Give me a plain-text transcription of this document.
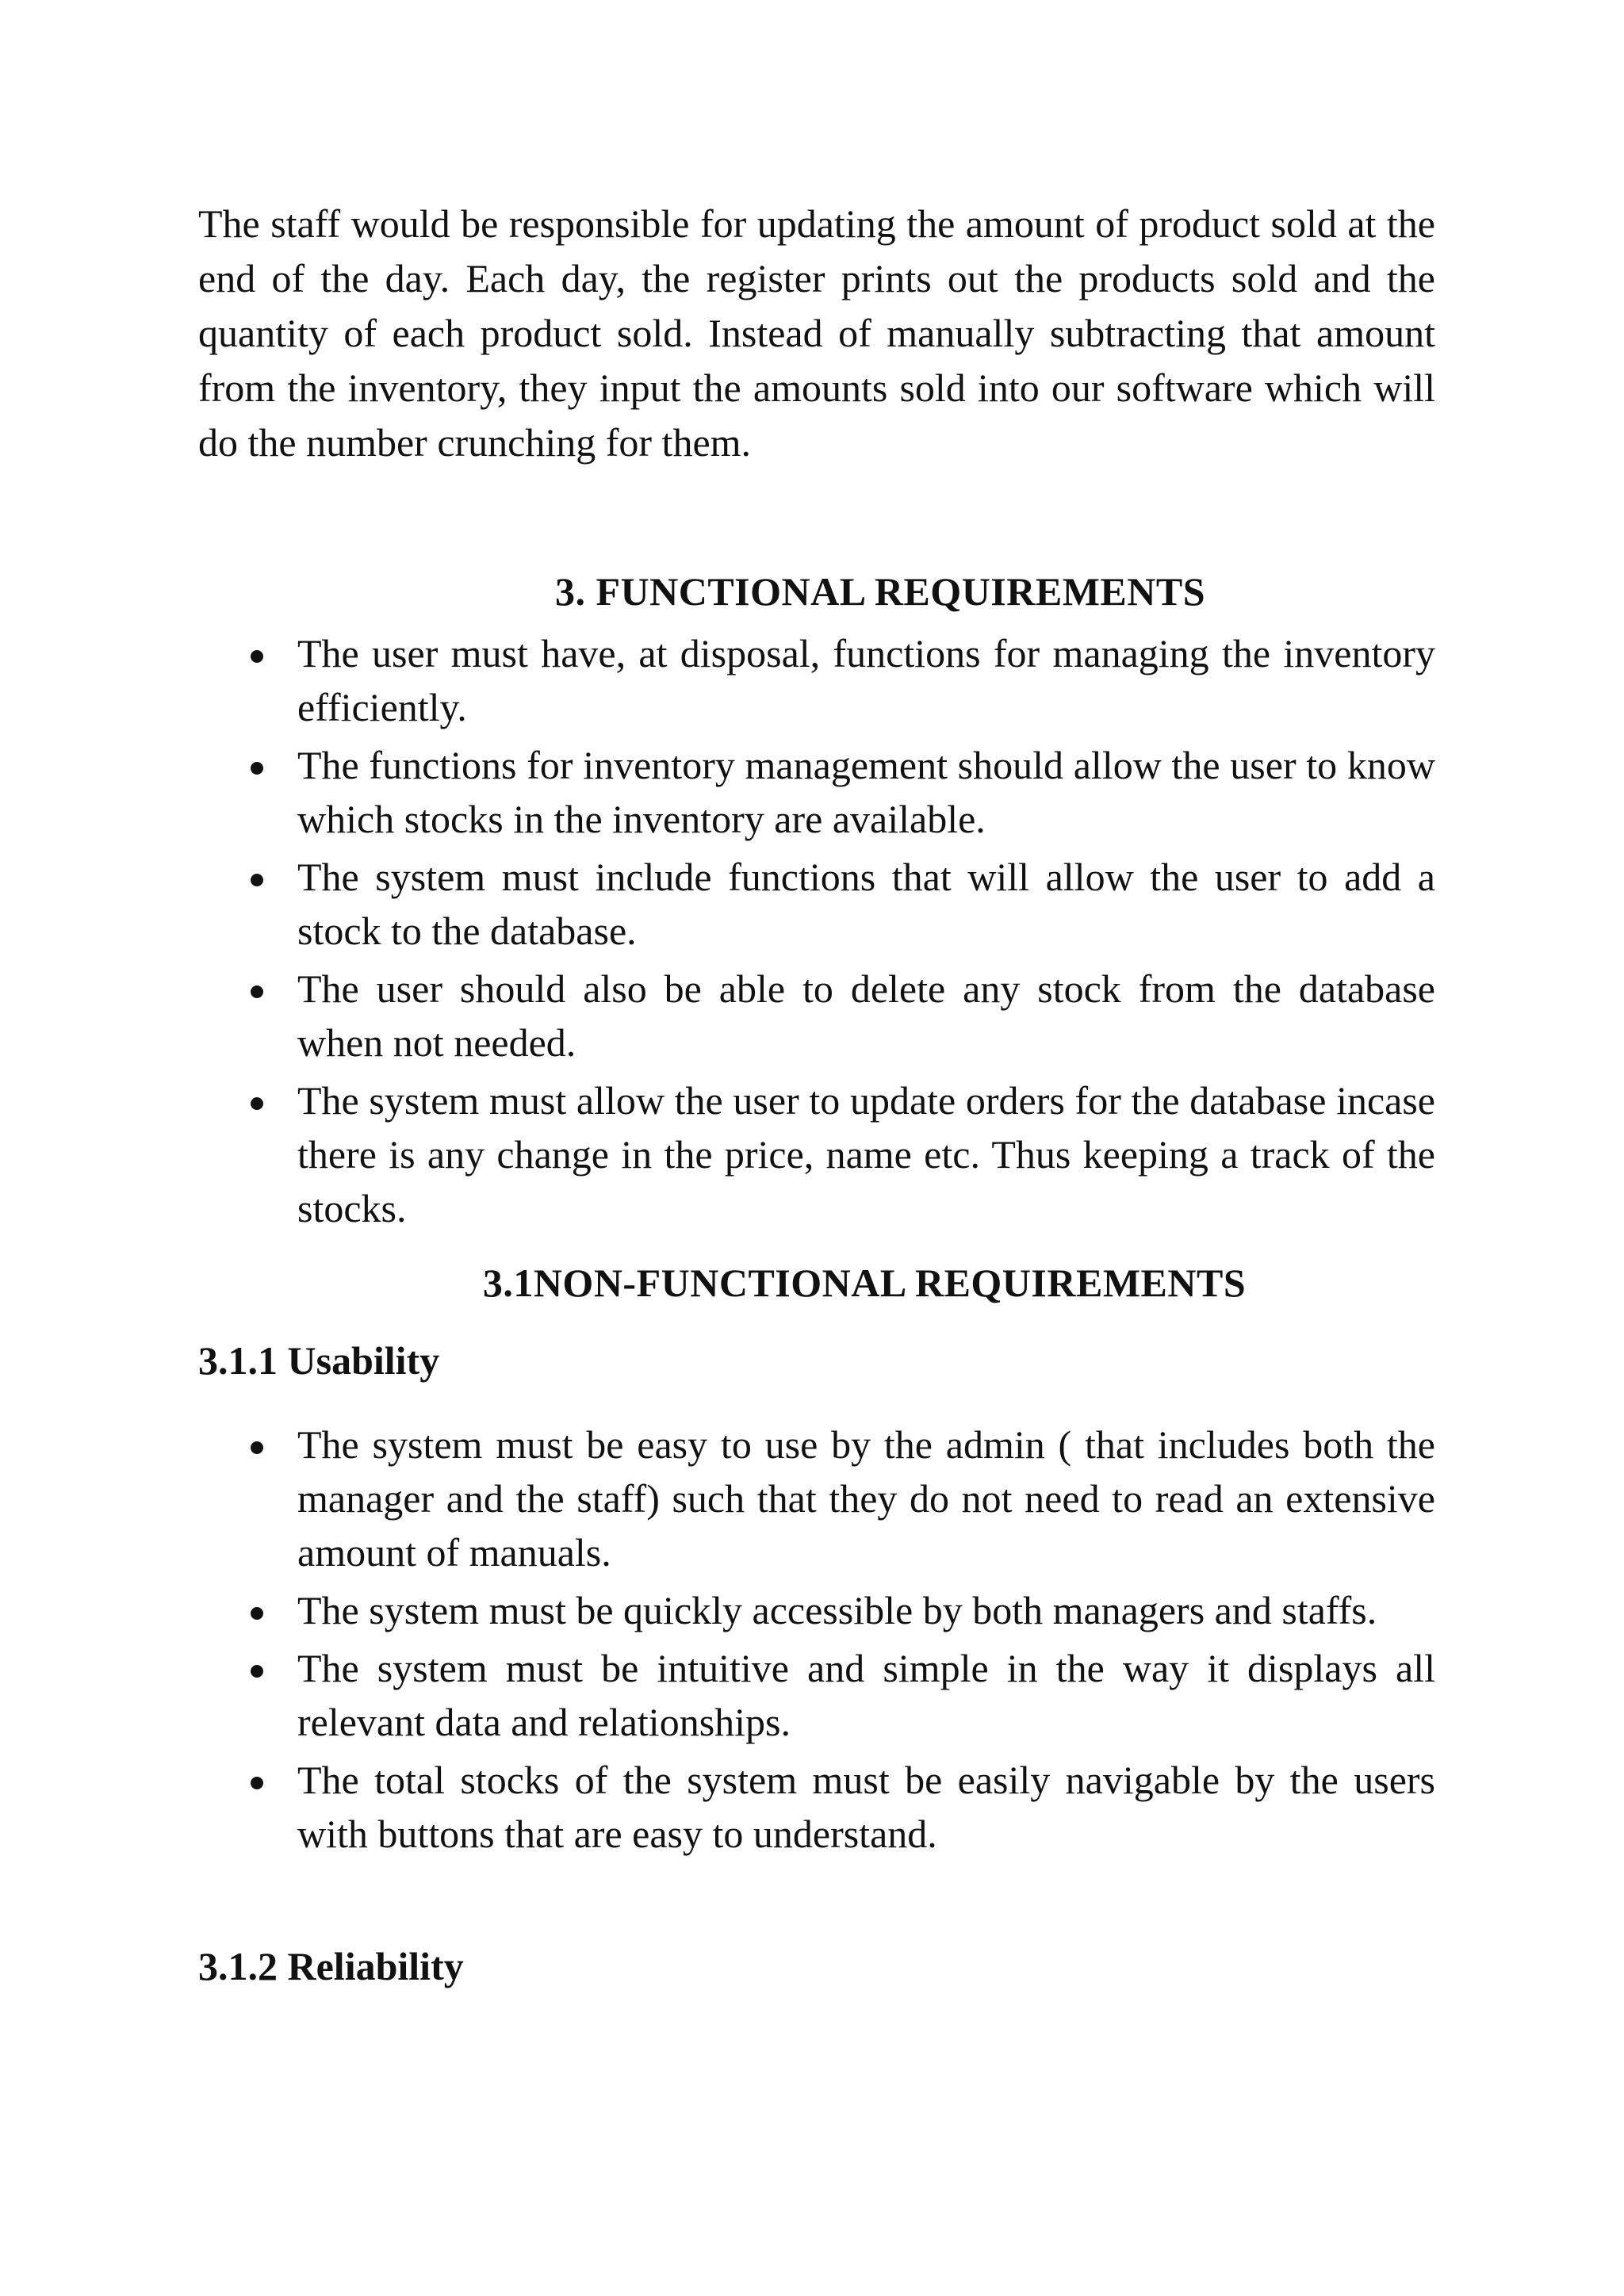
The staff would be responsible for updating the amount of product sold at the end of the day. Each day, the register prints out the products sold and the quantity of each product sold. Instead of manually subtracting that amount from the inventory, they input the amounts sold into our software which will do the number crunching for them.

3. FUNCTIONAL REQUIREMENTS
The user must have, at disposal, functions for managing the inventory efficiently.
The functions for inventory management should allow the user to know which stocks in the inventory are available.
The system must include functions that will allow the user to add a stock to the database.
The user should also be able to delete any stock from the database when not needed.
The system must allow the user to update orders for the database incase there is any change in the price, name etc. Thus keeping a track of the stocks.
3.1NON-FUNCTIONAL REQUIREMENTS
3.1.1 Usability
The system must be easy to use by the admin ( that includes both the manager and the staff) such that they do not need to read an extensive amount of manuals.
The system must be quickly accessible by both managers and staffs.
The system must be intuitive and simple in the way it displays all relevant data and relationships.
The total stocks of the system must be easily navigable by the users with buttons that are easy to understand.
3.1.2 Reliability
